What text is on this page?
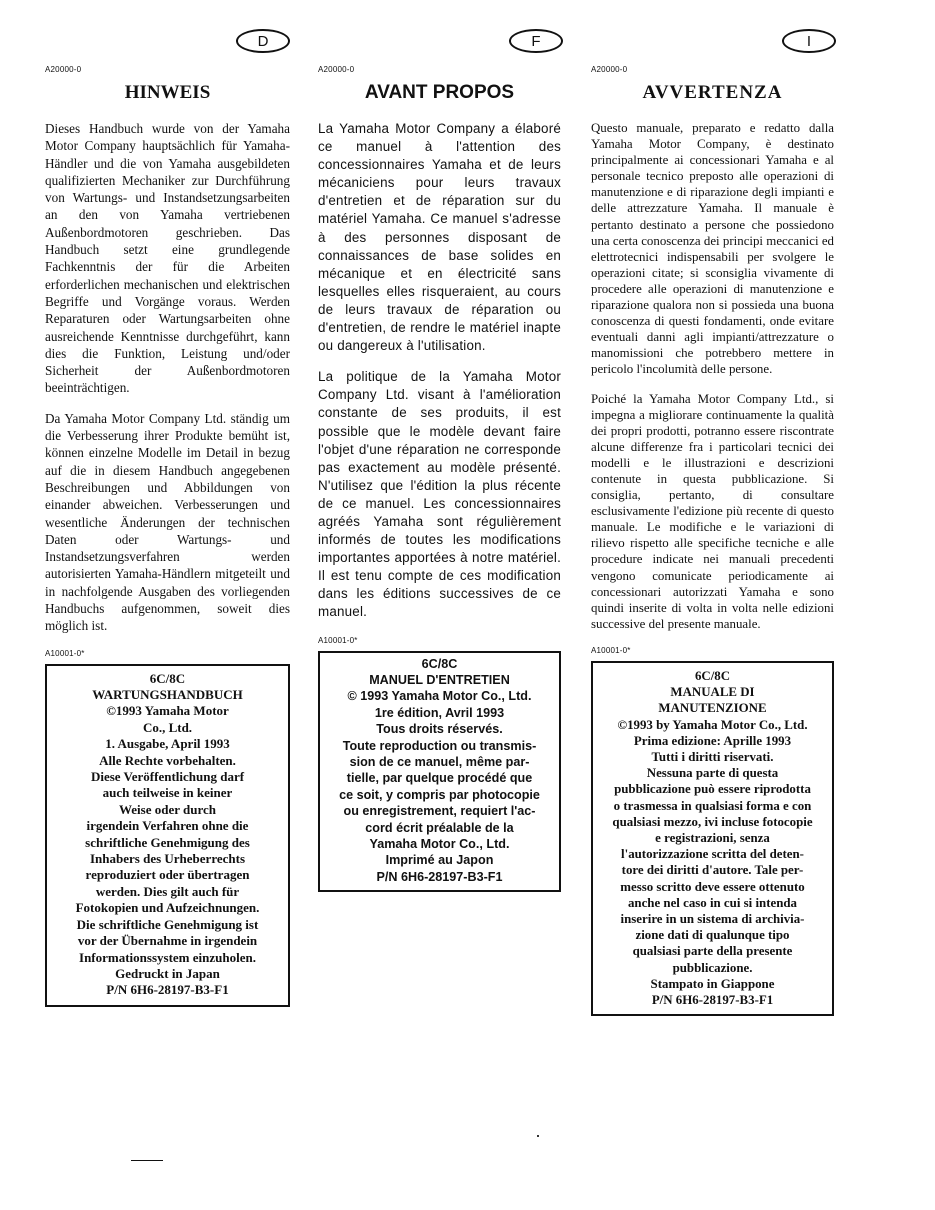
D	F	I
A20000-0
HINWEIS

Dieses Handbuch wurde von der Yamaha Motor Company hauptsächlich für Yamaha-Händler und die von Yamaha ausgebildeten qualifizierten Mechaniker zur Durchführung von Wartungs- und Instandsetzungsarbeiten an den von Yamaha vertriebenen Außenbordmotoren geschrieben. Das Handbuch setzt eine grundlegende Fachkenntnis der für die Arbeiten erforderlichen mechanischen und elektrischen Begriffe und Vorgänge voraus. Werden Reparaturen oder Wartungsarbeiten ohne ausreichende Kenntnisse durchgeführt, kann dies die Funktion, Leistung und/oder Sicherheit der Außenbordmotoren beeinträchtigen.

Da Yamaha Motor Company Ltd. ständig um die Verbesserung ihrer Produkte bemüht ist, können einzelne Modelle im Detail in bezug auf die in diesem Handbuch angegebenen Beschreibungen und Abbildungen von einander abweichen. Verbesserungen und wesentliche Änderungen der technischen Daten oder Wartungs- und Instandsetzungsverfahren werden autorisierten Yamaha-Händlern mitgeteilt und in nachfolgende Ausgaben des vorliegenden Handbuchs aufgenommen, soweit dies möglich ist.

A10001-0*
6C/8C
WARTUNGSHANDBUCH
©1993 Yamaha Motor
Co., Ltd.
1. Ausgabe, April 1993
Alle Rechte vorbehalten.
Diese Veröffentlichung darf
auch teilweise in keiner
Weise oder durch
irgendein Verfahren ohne die
schriftliche Genehmigung des
Inhabers des Urheberrechts
reproduziert oder übertragen
werden. Dies gilt auch für
Fotokopien und Aufzeichnungen.
Die schriftliche Genehmigung ist
vor der Übernahme in irgendein
Informationssystem einzuholen.
Gedruckt in Japan
P/N 6H6-28197-B3-F1
A20000-0
AVANT PROPOS

La Yamaha Motor Company a élaboré ce manuel à l'attention des concessionnaires Yamaha et de leurs mécaniciens pour leurs travaux d'entretien et de réparation sur du matériel Yamaha. Ce manuel s'adresse à des personnes disposant de connaissances de base solides en mécanique et en électricité sans lesquelles elles risqueraient, au cours de leurs travaux de réparation ou d'entretien, de rendre le matériel inapte ou dangereux à l'utilisation.

La politique de la Yamaha Motor Company Ltd. visant à l'amélioration constante de ses produits, il est possible que le modèle devant faire l'objet d'une réparation ne corresponde pas exactement au modèle présenté. N'utilisez que l'édition la plus récente de ce manuel. Les concessionnaires agréés Yamaha sont régulièrement informés de toutes les modifications importantes apportées à notre matériel. Il est tenu compte de ces modification dans les éditions successives de ce manuel.

A10001-0*
6C/8C
MANUEL D'ENTRETIEN
© 1993 Yamaha Motor Co., Ltd.
1re édition, Avril 1993
Tous droits réservés.
Toute reproduction ou transmis-
sion de ce manuel, même par-
tielle, par quelque procédé que
ce soit, y compris par photocopie
ou enregistrement, requiert l'ac-
cord écrit préalable de la
Yamaha Motor Co., Ltd.
Imprimé au Japon
P/N 6H6-28197-B3-F1
A20000-0
AVVERTENZA

Questo manuale, preparato e redatto dalla Yamaha Motor Company, è destinato principalmente ai concessionari Yamaha e al personale tecnico preposto alle operazioni di manutenzione e di riparazione degli impianti e delle attrezzature Yamaha. Il manuale è pertanto destinato a persone che possiedono una certa conoscenza dei principi meccanici ed elettrotecnici indispensabili per svolgere le operazioni citate; si sconsiglia vivamente di procedere alle operazioni di manutenzione e riparazione qualora non si possieda una buona conoscenza di questi fondamenti, onde evitare eventuali danni agli impianti/attrezzature o manomissioni che potrebbero mettere in pericolo l'incolumità delle persone.

Poiché la Yamaha Motor Company Ltd., si impegna a migliorare continuamente la qualità dei propri prodotti, potranno essere riscontrate alcune differenze fra i particolari tecnici dei modelli e le illustrazioni e descrizioni contenute in questa pubblicazione. Si consiglia, pertanto, di consultare esclusivamente l'edizione più recente di questo manuale. Le modifiche e le variazioni di rilievo rispetto alle specifiche tecniche e alle procedure indicate nei manuali precedenti vengono comunicate periodicamente ai concessionari autorizzati Yamaha e sono quindi inserite di volta in volta nelle edizioni successive del presente manuale.

A10001-0*
6C/8C
MANUALE DI
MANUTENZIONE
©1993 by Yamaha Motor Co., Ltd.
Prima edizione: Aprille 1993
Tutti i diritti riservati.
Nessuna parte di questa
pubblicazione può essere riprodotta
o trasmessa in qualsiasi forma e con
qualsiasi mezzo, ivi incluse fotocopie
e registrazioni, senza
l'autorizzazione scritta del deten-
tore dei diritti d'autore. Tale per-
messo scritto deve essere ottenuto
anche nel caso in cui si intenda
inserire in un sistema di archivia-
zione dati di qualunque tipo
qualsiasi parte della presente
pubblicazione.
Stampato in Giappone
P/N 6H6-28197-B3-F1
